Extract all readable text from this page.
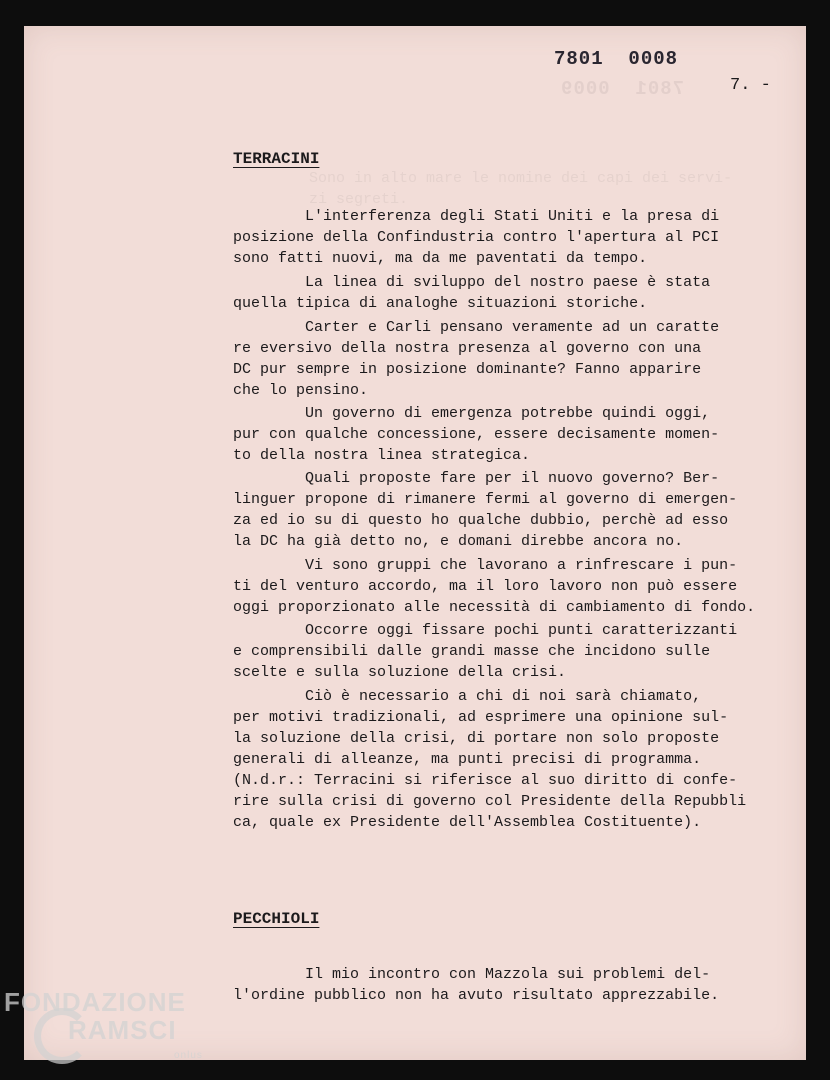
7801  0009
Sono in alto mare le nomine dei capi dei servi-
zi segreti.
7801  0008
7. -
TERRACINI
L'interferenza degli Stati Uniti e la presa di
posizione della Confindustria contro l'apertura al PCI
sono fatti nuovi, ma da me paventati da tempo.
La linea di sviluppo del nostro paese è stata
quella tipica di analoghe situazioni storiche.
Carter e Carli pensano veramente ad un caratte
re eversivo della nostra presenza al governo con una
DC pur sempre in posizione dominante? Fanno apparire
che lo pensino.
Un governo di emergenza potrebbe quindi oggi,
pur con qualche concessione, essere decisamente momen-
to della nostra linea strategica.
Quali proposte fare per il nuovo governo? Ber-
linguer propone di rimanere fermi al governo di emergen-
za ed io su di questo ho qualche dubbio, perchè ad esso
la DC ha già detto no, e domani direbbe ancora no.
Vi sono gruppi che lavorano a rinfrescare i pun-
ti del venturo accordo, ma il loro lavoro non può essere
oggi proporzionato alle necessità di cambiamento di fondo.
Occorre oggi fissare pochi punti caratterizzanti
e comprensibili dalle grandi masse che incidono sulle
scelte e sulla soluzione della crisi.
Ciò è necessario a chi di noi sarà chiamato,
per motivi tradizionali, ad esprimere una opinione sul-
la soluzione della crisi, di portare non solo proposte
generali di alleanze, ma punti precisi di programma.
(N.d.r.: Terracini si riferisce al suo diritto di confe-
rire sulla crisi di governo col Presidente della Repubbli
ca, quale ex Presidente dell'Assemblea Costituente).
PECCHIOLI
Il mio incontro con Mazzola sui problemi del-
l'ordine pubblico non ha avuto risultato apprezzabile.
FONDAZIONE
RAMSCI
onlus
